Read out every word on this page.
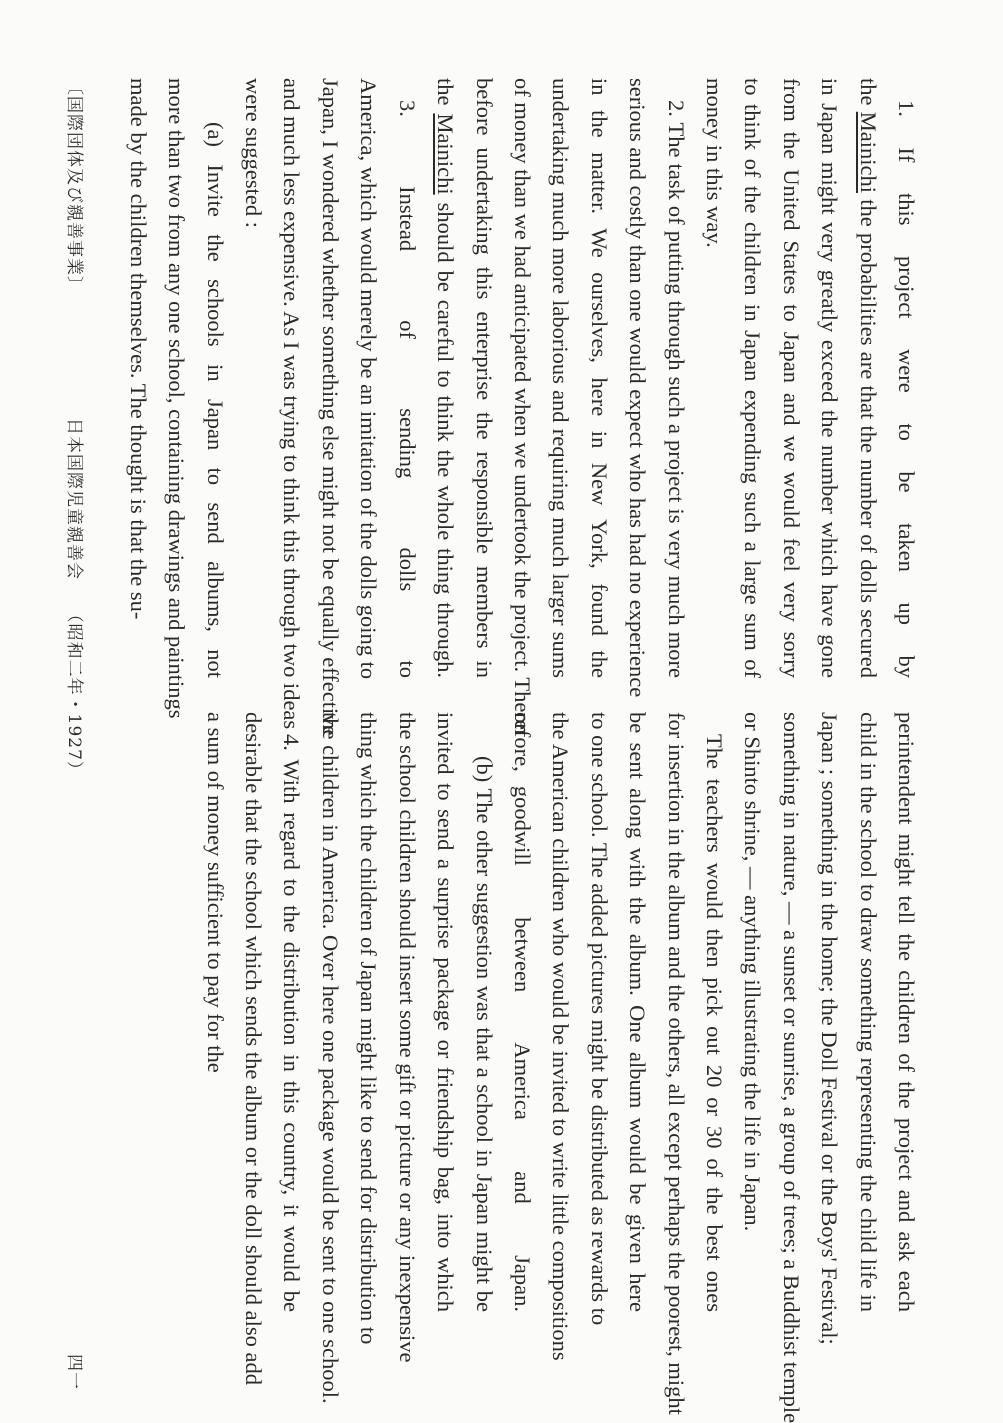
1. If this project were to be taken up by
the Mainichi the probabilities are that the number of dolls secured
in Japan might very greatly exceed the number which have gone
from the United States to Japan and we would feel very sorry
to think of the children in Japan expending such a large sum of
money in this way.

2. The task of putting through such a project is very much more
serious and costly than one would expect who has had no experience
in the matter. We ourselves, here in New York, found the
undertaking much more laborious and requiring much larger sums
of money than we had anticipated when we undertook the project. Therefore,
before undertaking this enterprise the responsible members in
the Mainichi should be careful to think the whole thing through.

3. Instead of sending dolls to
America, which would merely be an imitation of the dolls going to
Japan, I wondered whether something else might not be equally effective
and much less expensive. As I was trying to think this through two ideas
were suggested :

(a) Invite the schools in Japan to send albums, not
more than two from any one school, containing drawings and paintings
made by the children themselves. The thought is that the su-

perintendent might tell the children of the project and ask each
child in the school to draw something representing the child life in
Japan ; something in the home; the Doll Festival or the Boys' Festival;
something in nature, — a sunset or sunrise, a group of trees; a Buddhist temple
or Shinto shrine, — anything illustrating the life in Japan.

The teachers would then pick out 20 or 30 of the best ones
for insertion in the album and the others, all except perhaps the poorest, might
be sent along with the album. One album would be given here
to one school. The added pictures might be distributed as rewards to
the American children who would be invited to write little compositions
on goodwill between America and Japan.

(b) The other suggestion was that a school in Japan might be
invited to send a surprise package or friendship bag, into which
the school children should insert some gift or picture or any inexpensive
thing which the children of Japan might like to send for distribution to
the children in America. Over here one package would be sent to one school.

4. With regard to the distribution in this country, it would be
desirable that the school which sends the album or the doll should also add
a sum of money sufficient to pay for the

〔国際団体及び親善事業〕
日本国際児童親善会    （昭和二年・1927）
四一
